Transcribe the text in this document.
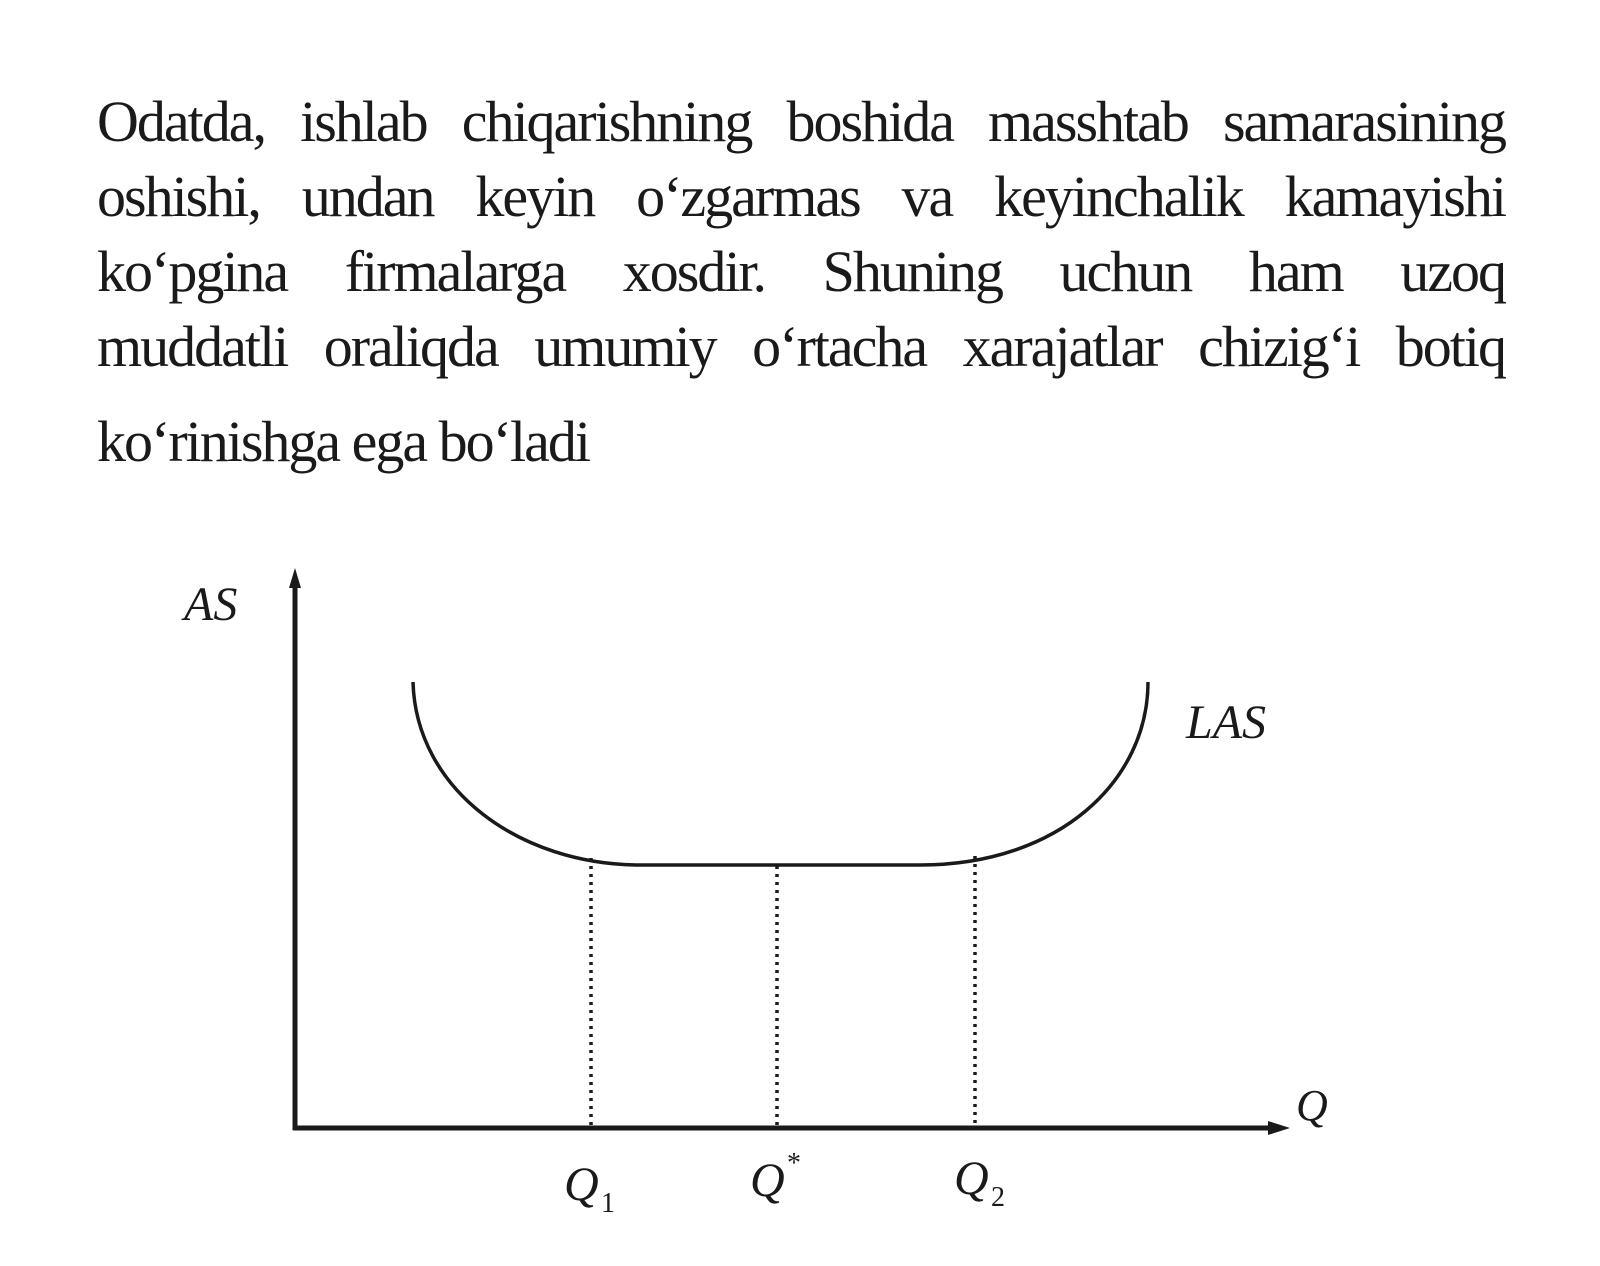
Odatda, ishlab chiqarishning boshida masshtab samarasining

oshishi, undan keyin o‘zgarmas va keyinchalik kamayishi

ko‘pgina firmalarga xosdir. Shuning uchun ham uzoq

muddatli oraliqda umumiy o‘rtacha xarajatlar chizig‘i botiq

ko‘rinishga ega bo‘ladi

AS
LAS
Q
Q 1	Q *	Q 2
